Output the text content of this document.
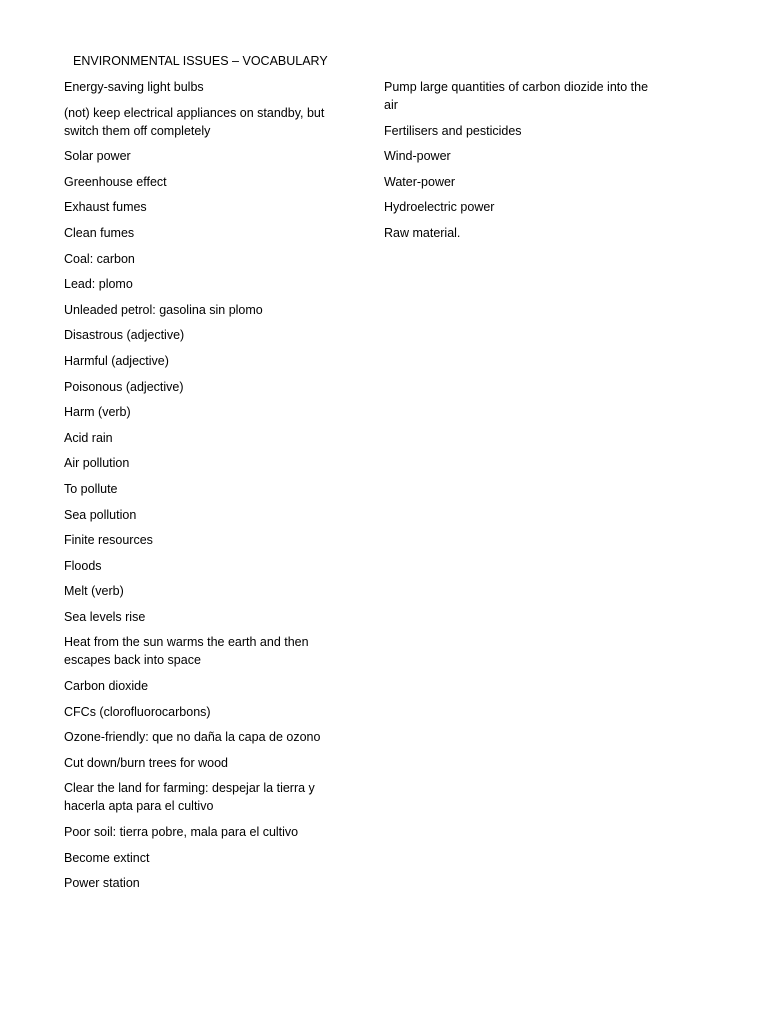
ENVIRONMENTAL ISSUES – VOCABULARY
Energy-saving light bulbs
(not) keep electrical appliances on standby, but switch them off completely
Solar power
Greenhouse effect
Exhaust fumes
Clean fumes
Coal: carbon
Lead: plomo
Unleaded petrol: gasolina sin plomo
Disastrous (adjective)
Harmful (adjective)
Poisonous (adjective)
Harm (verb)
Acid rain
Air pollution
To pollute
Sea pollution
Finite resources
Floods
Melt (verb)
Sea levels rise
Heat from the sun warms the earth and then escapes back into space
Carbon dioxide
CFCs (clorofluorocarbons)
Ozone-friendly: que no daña la capa de ozono
Cut down/burn trees for wood
Clear the land for farming: despejar la tierra y hacerla apta para el cultivo
Poor soil: tierra pobre, mala para el cultivo
Become extinct
Power station
Pump large quantities of carbon diozide into the air
Fertilisers and pesticides
Wind-power
Water-power
Hydroelectric power
Raw material.
